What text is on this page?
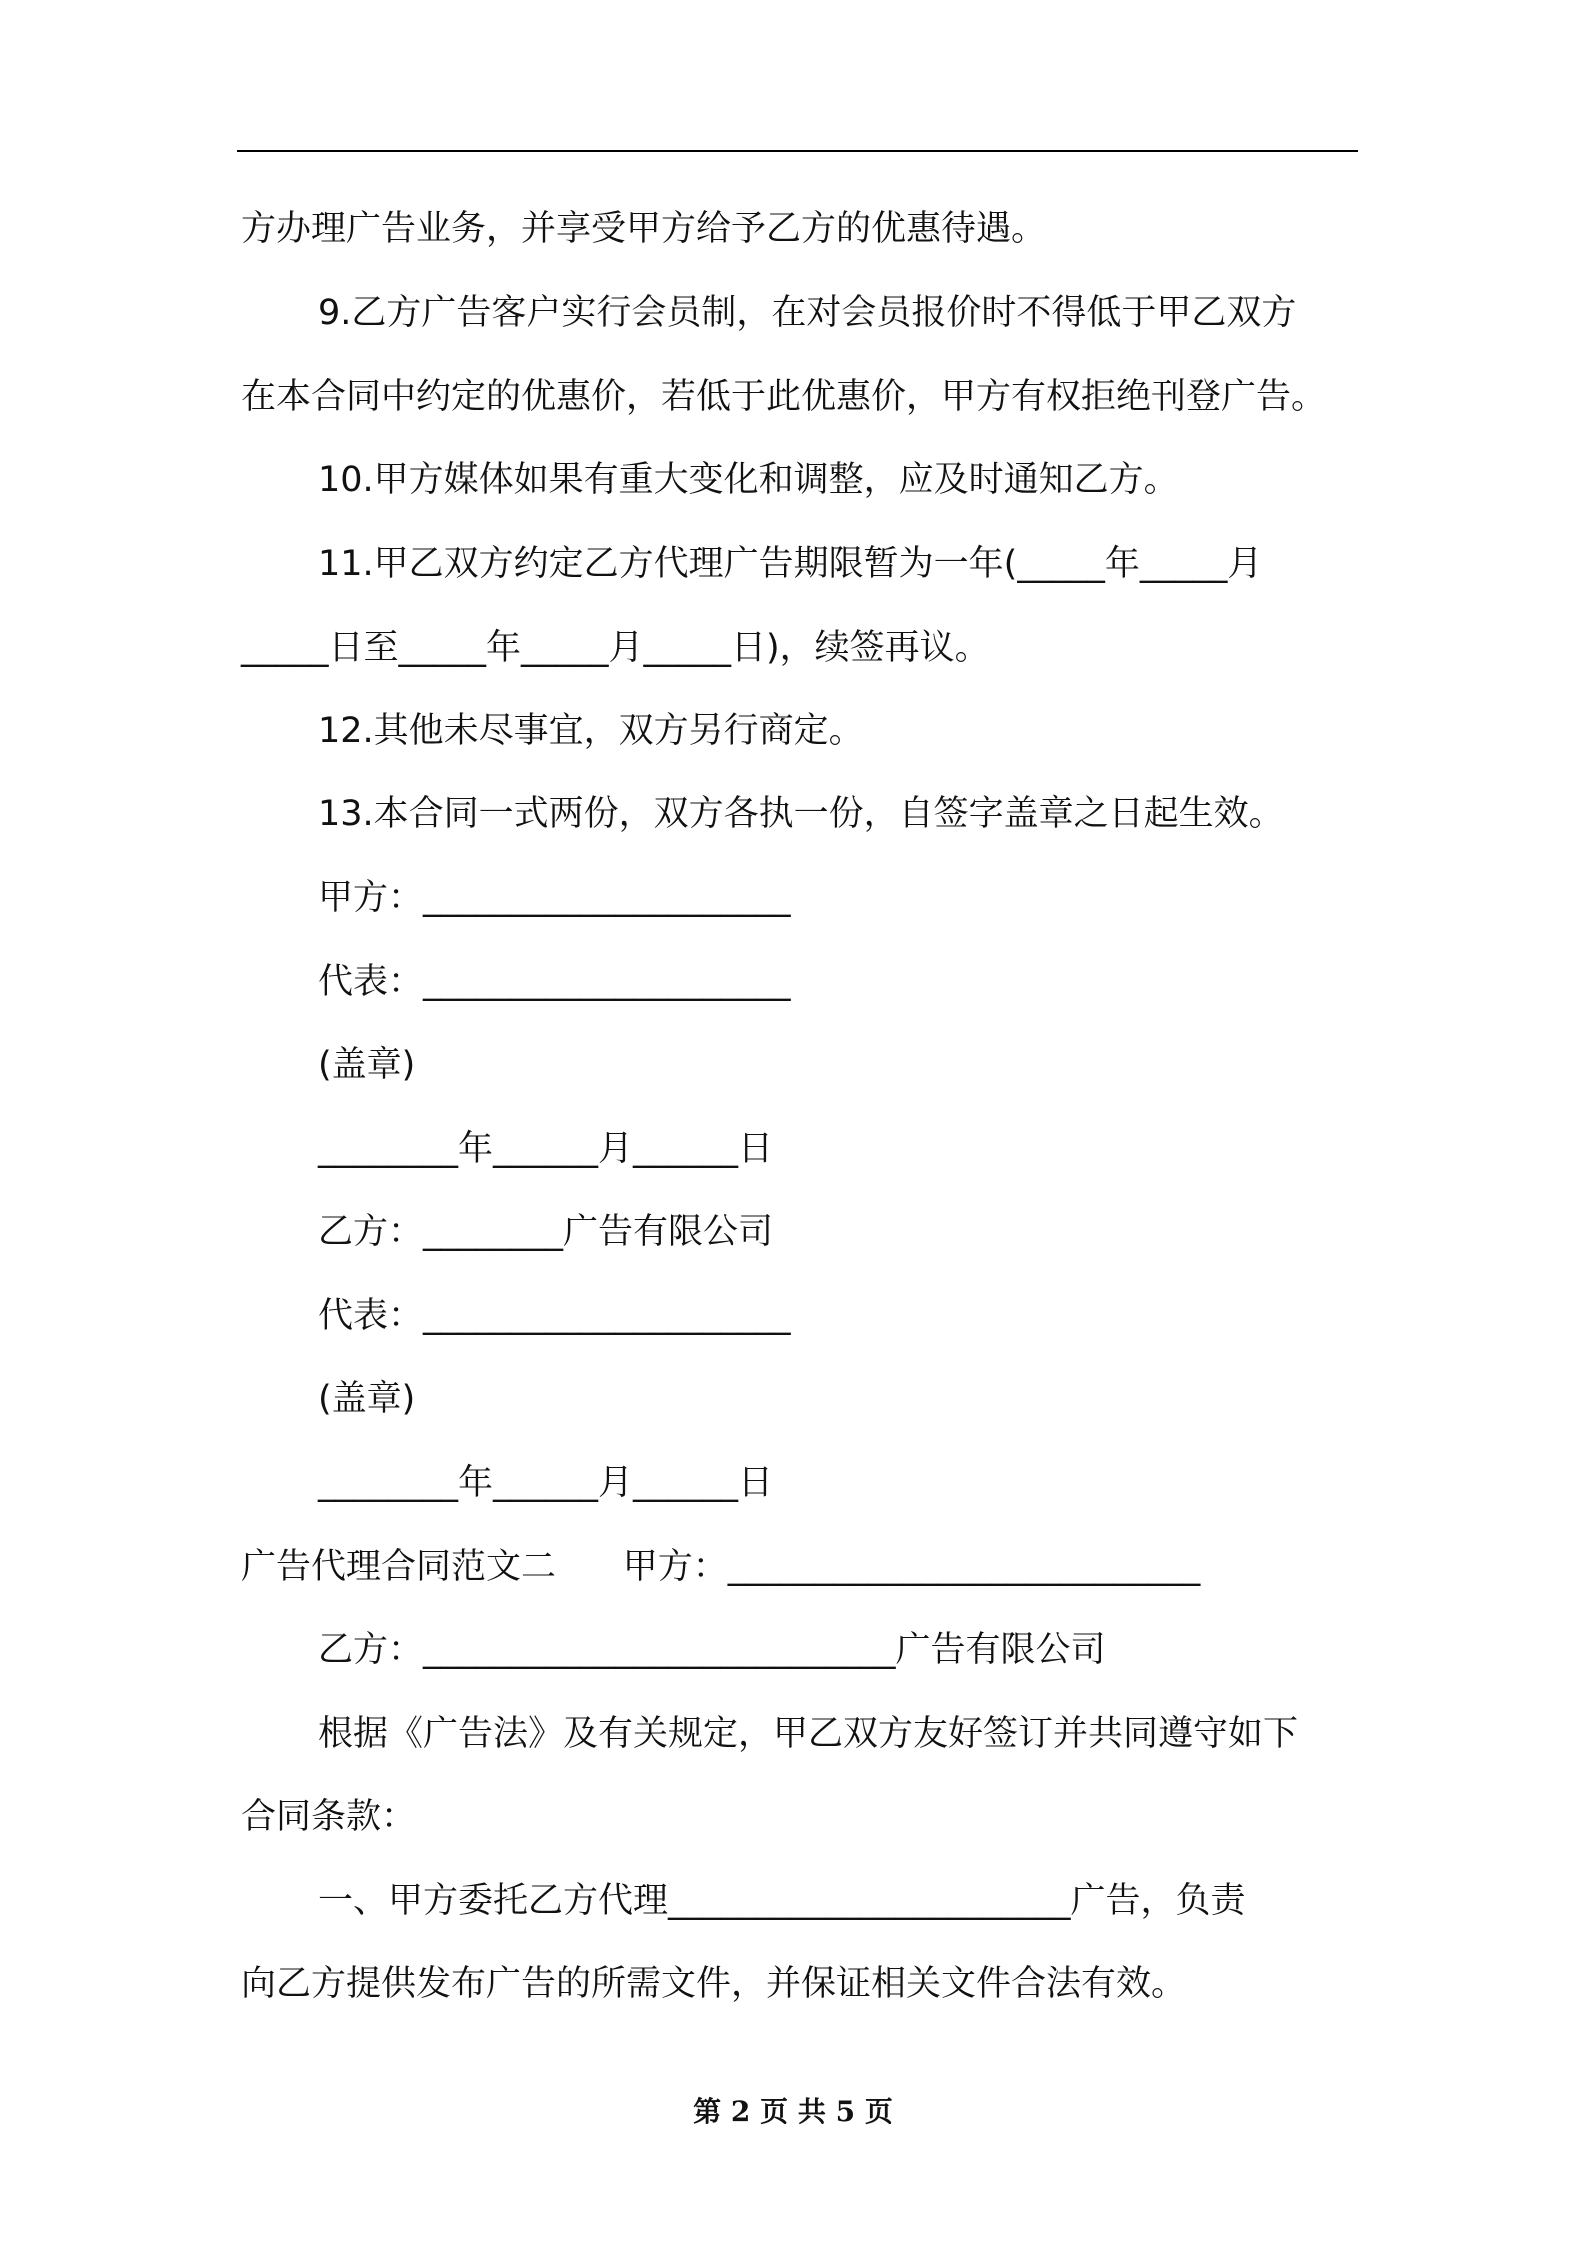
方办理广告业务，并享受甲方给予乙方的优惠待遇。
9.乙方广告客户实行会员制，在对会员报价时不得低于甲乙双方
在本合同中约定的优惠价，若低于此优惠价，甲方有权拒绝刊登广告。
10.甲方媒体如果有重大变化和调整，应及时通知乙方。
11.甲乙双方约定乙方代理广告期限暂为一年(_____年_____月
_____日至_____年_____月_____日)，续签再议。
12.其他未尽事宜，双方另行商定。
13.本合同一式两份，双方各执一份，自签字盖章之日起生效。
甲方：_____________________
代表：_____________________
(盖章)
________年______月______日
乙方：________广告有限公司
代表：_____________________
(盖章)
________年______月______日
广告代理合同范文二      甲方：___________________________
乙方：___________________________广告有限公司
根据《广告法》及有关规定，甲乙双方友好签订并共同遵守如下
合同条款：
一、甲方委托乙方代理_______________________广告，负责
向乙方提供发布广告的所需文件，并保证相关文件合法有效。
第 2 页 共 5 页
